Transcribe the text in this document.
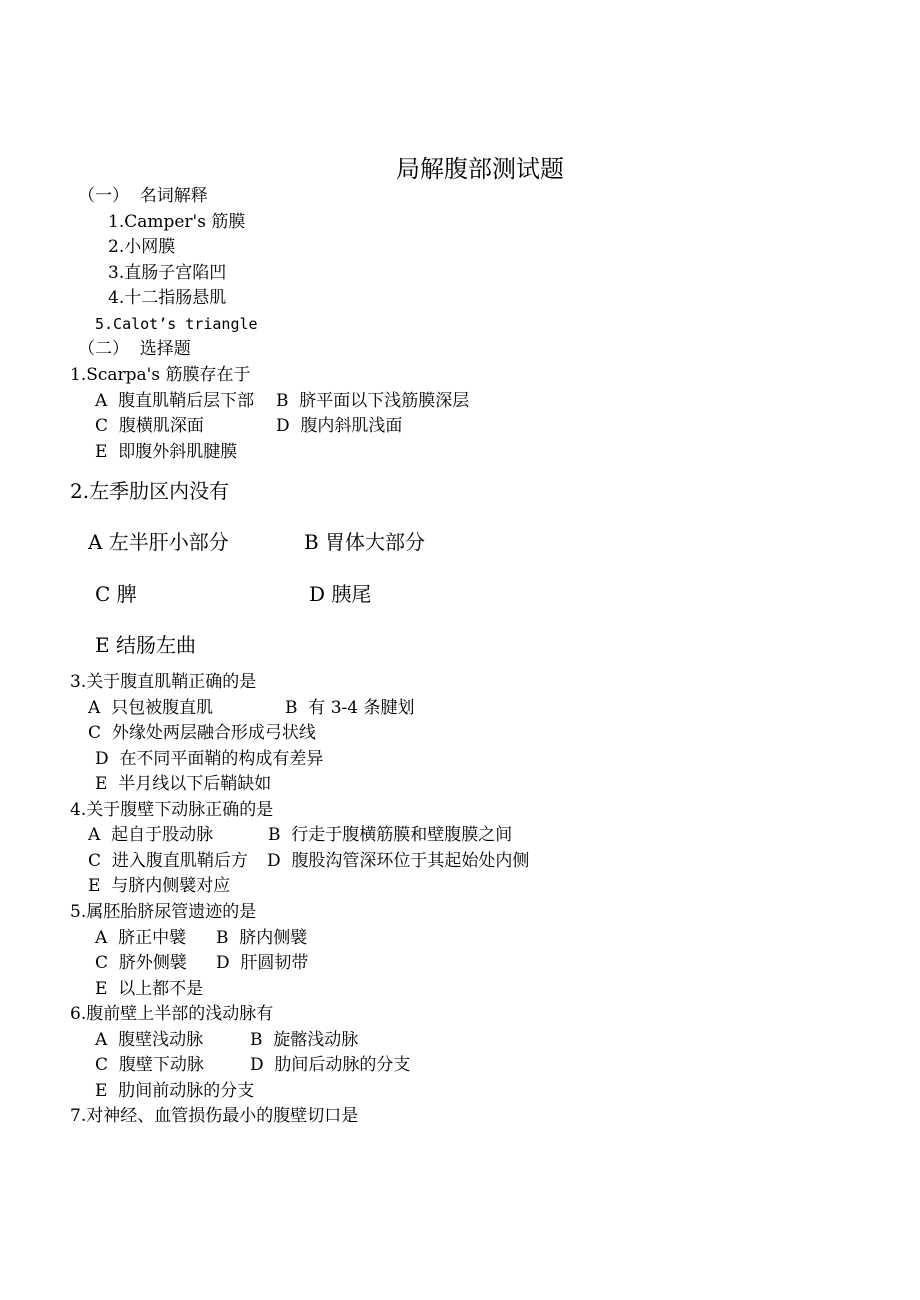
局解腹部测试题
（一）  名词解释
1.Camper's 筋膜
2.小网膜
3.直肠子宫陷凹
4.十二指肠悬肌
5.Calot’s triangle
（二）  选择题
1.Scarpa's 筋膜存在于
A  腹直肌鞘后层下部 B  脐平面以下浅筋膜深层
C  腹横肌深面	D  腹内斜肌浅面
E  即腹外斜肌腱膜
2.左季肋区内没有
A 左半肝小部分	B 胃体大部分
C 脾	D 胰尾
E 结肠左曲
3.关于腹直肌鞘正确的是
A  只包被腹直肌	B  有 3-4 条腱划
C  外缘处两层融合形成弓状线
D  在不同平面鞘的构成有差异
E  半月线以下后鞘缺如
4.关于腹壁下动脉正确的是
A  起自于股动脉	B  行走于腹横筋膜和壁腹膜之间
C  进入腹直肌鞘后方 D  腹股沟管深环位于其起始处内侧
E  与脐内侧襞对应
5.属胚胎脐尿管遗迹的是
A  脐正中襞 B  脐内侧襞
C  脐外侧襞 D  肝圆韧带
E  以上都不是
6.腹前壁上半部的浅动脉有
A  腹壁浅动脉	B  旋髂浅动脉
C  腹壁下动脉	D  肋间后动脉的分支
E  肋间前动脉的分支
7.对神经、血管损伤最小的腹壁切口是
